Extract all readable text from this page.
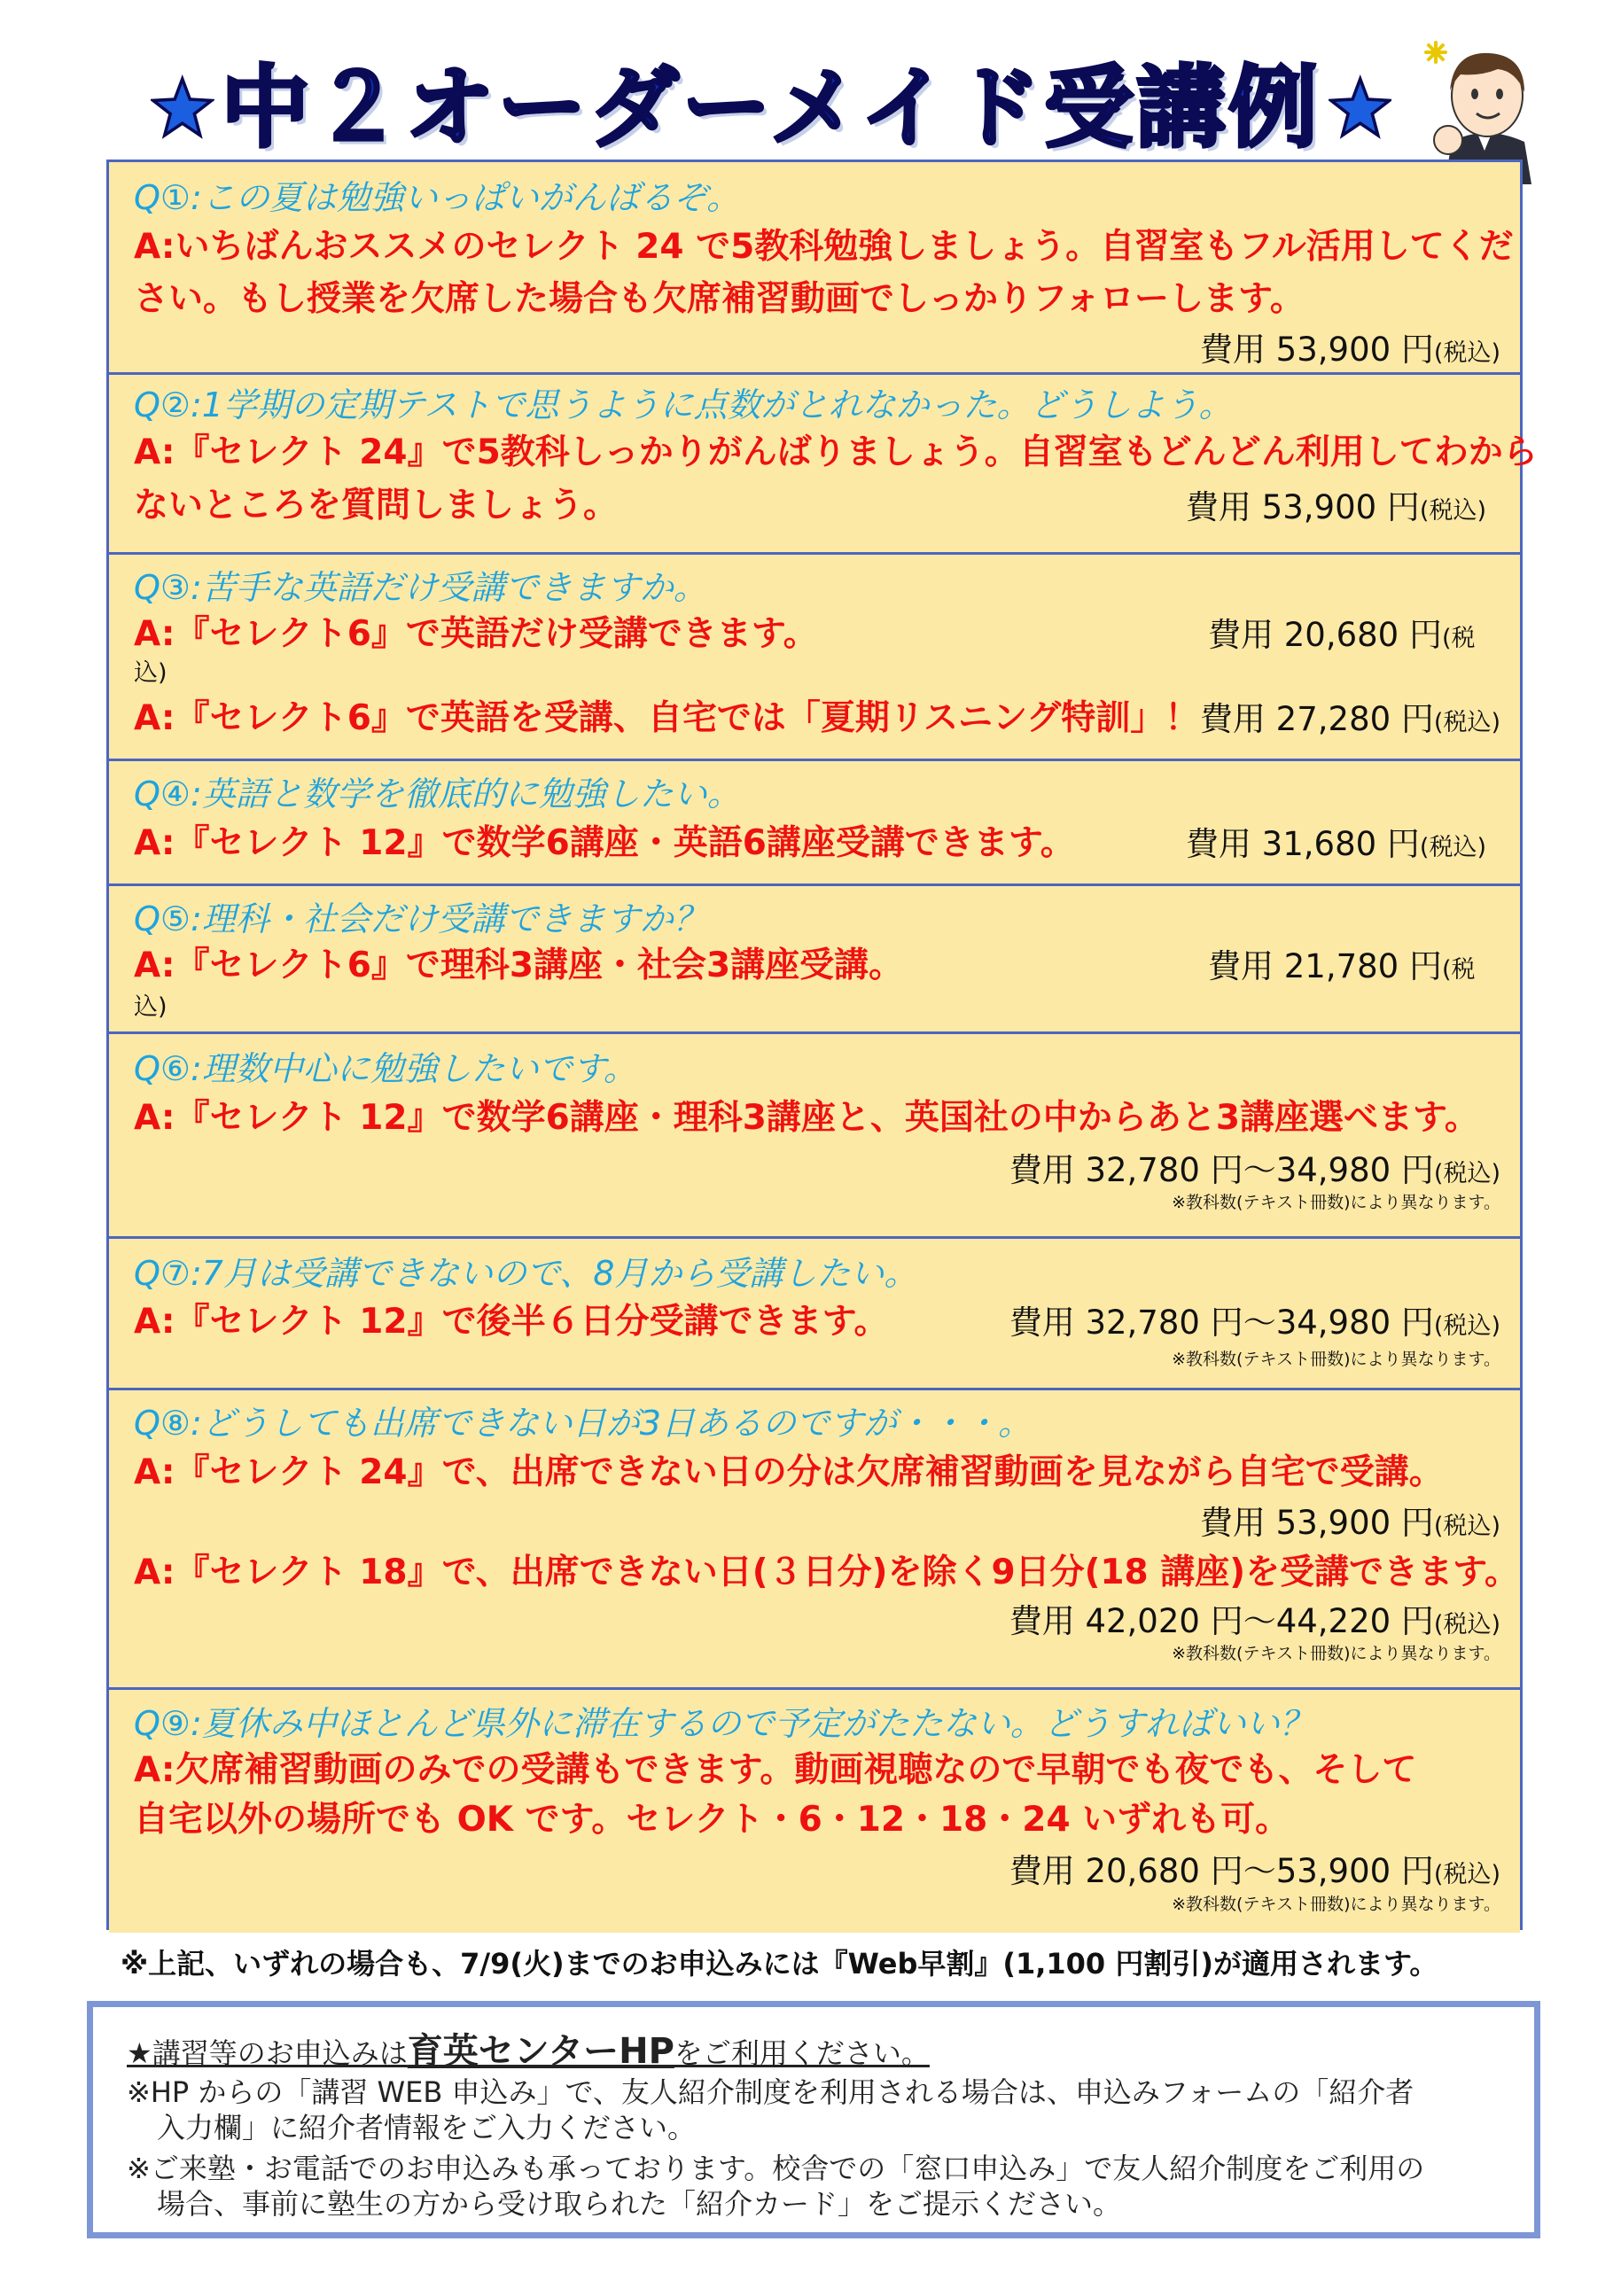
中２オーダーメイド受講例
Q①:この夏は勉強いっぱいがんばるぞ。
A:いちばんおススメのセレクト 24 で5教科勉強しましょう。自習室もフル活用してくだ
さい。もし授業を欠席した場合も欠席補習動画でしっかりフォローします。
費用 53,900 円(税込)
Q②:1学期の定期テストで思うように点数がとれなかった。どうしよう。
A:『セレクト 24』で5教科しっかりがんばりましょう。自習室もどんどん利用してわから
ないところを質問しましょう。	費用 53,900 円(税込)
Q③:苦手な英語だけ受講できますか。
A:『セレクト6』で英語だけ受講できます。	費用 20,680 円(税
込)
A:『セレクト6』で英語を受講、自宅では「夏期リスニング特訓」！ 費用 27,280 円(税込)
Q④:英語と数学を徹底的に勉強したい。
A:『セレクト 12』で数学6講座・英語6講座受講できます。	費用 31,680 円(税込)
Q⑤:理科・社会だけ受講できますか？
A:『セレクト6』で理科3講座・社会3講座受講。	費用 21,780 円(税
込)
Q⑥:理数中心に勉強したいです。
A:『セレクト 12』で数学6講座・理科3講座と、英国社の中からあと3講座選べます。
費用 32,780 円～34,980 円(税込)
※教科数(テキスト冊数)により異なります。
Q⑦:7月は受講できないので、8月から受講したい。
A:『セレクト 12』で後半６日分受講できます。	費用 32,780 円～34,980 円(税込)
※教科数(テキスト冊数)により異なります。
Q⑧:どうしても出席できない日が3日あるのですが・・・。
A:『セレクト 24』で、出席できない日の分は欠席補習動画を見ながら自宅で受講。
費用 53,900 円(税込)
A:『セレクト 18』で、出席できない日(３日分)を除く9日分(18 講座)を受講できます。
費用 42,020 円～44,220 円(税込)
※教科数(テキスト冊数)により異なります。
Q⑨:夏休み中ほとんど県外に滞在するので予定がたたない。どうすればいい？
A:欠席補習動画のみでの受講もできます。動画視聴なので早朝でも夜でも、そして
自宅以外の場所でも OK です。セレクト・6・12・18・24 いずれも可。
費用 20,680 円～53,900 円(税込)
※教科数(テキスト冊数)により異なります。
※上記、いずれの場合も、7/9(火)までのお申込みには『Web早割』(1,100 円割引)が適用されます。
★講習等のお申込みは育英センターHPをご利用ください。
※HP からの「講習 WEB 申込み」で、友人紹介制度を利用される場合は、申込みフォームの「紹介者
入力欄」に紹介者情報をご入力ください。
※ご来塾・お電話でのお申込みも承っております。校舎での「窓口申込み」で友人紹介制度をご利用の
場合、事前に塾生の方から受け取られた「紹介カード」をご提示ください。
